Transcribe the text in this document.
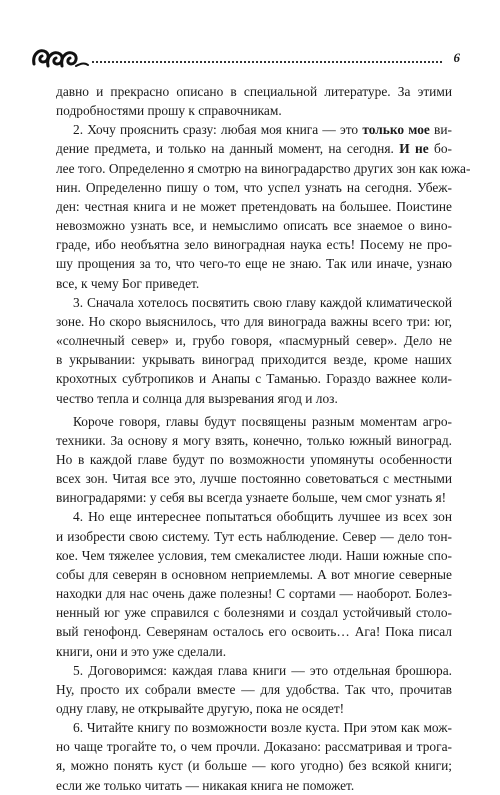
6
давно и прекрасно описано в специальной литературе. За этими
подробностями прошу к справочникам.
2. Хочу прояснить сразу: любая моя книга — это только мое ви-
дение предмета, и только на данный момент, на сегодня. И не бо-
лее того. Определенно я смотрю на виноградарство других зон как южа-
нин. Определенно пишу о том, что успел узнать на сегодня. Убеж-
ден: честная книга и не может претендовать на большее. Поистине
невозможно узнать все, и немыслимо описать все знаемое о вино-
граде, ибо необъятна зело виноградная наука есть! Посему не про-
шу прощения за то, что чего-то еще не знаю. Так или иначе, узнаю
все, к чему Бог приведет.
3. Сначала хотелось посвятить свою главу каждой климатической
зоне. Но скоро выяснилось, что для винограда важны всего три: юг,
«солнечный север» и, грубо говоря, «пасмурный север». Дело не
в укрывании: укрывать виноград приходится везде, кроме наших
крохотных субтропиков и Анапы с Таманью. Гораздо важнее коли-
чество тепла и солнца для вызревания ягод и лоз.
Короче говоря, главы будут посвящены разным моментам агро-
техники. За основу я могу взять, конечно, только южный виноград.
Но в каждой главе будут по возможности упомянуты особенности
всех зон. Читая все это, лучше постоянно советоваться с местными
виноградарями: у себя вы всегда узнаете больше, чем смог узнать я!
4. Но еще интереснее попытаться обобщить лучшее из всех зон
и изобрести свою систему. Тут есть наблюдение. Север — дело тон-
кое. Чем тяжелее условия, тем смекалистее люди. Наши южные спо-
собы для северян в основном неприемлемы. А вот многие северные
находки для нас очень даже полезны! С сортами — наоборот. Болез-
ненный юг уже справился с болезнями и создал устойчивый столо-
вый генофонд. Северянам осталось его освоить… Ага! Пока писал
книги, они и это уже сделали.
5. Договоримся: каждая глава книги — это отдельная брошюра.
Ну, просто их собрали вместе — для удобства. Так что, прочитав
одну главу, не открывайте другую, пока не осядет!
6. Читайте книгу по возможности возле куста. При этом как мож-
но чаще трогайте то, о чем прочли. Доказано: рассматривая и трога-
я, можно понять куст (и больше — кого угодно) без всякой книги;
если же только читать — никакая книга не поможет.
